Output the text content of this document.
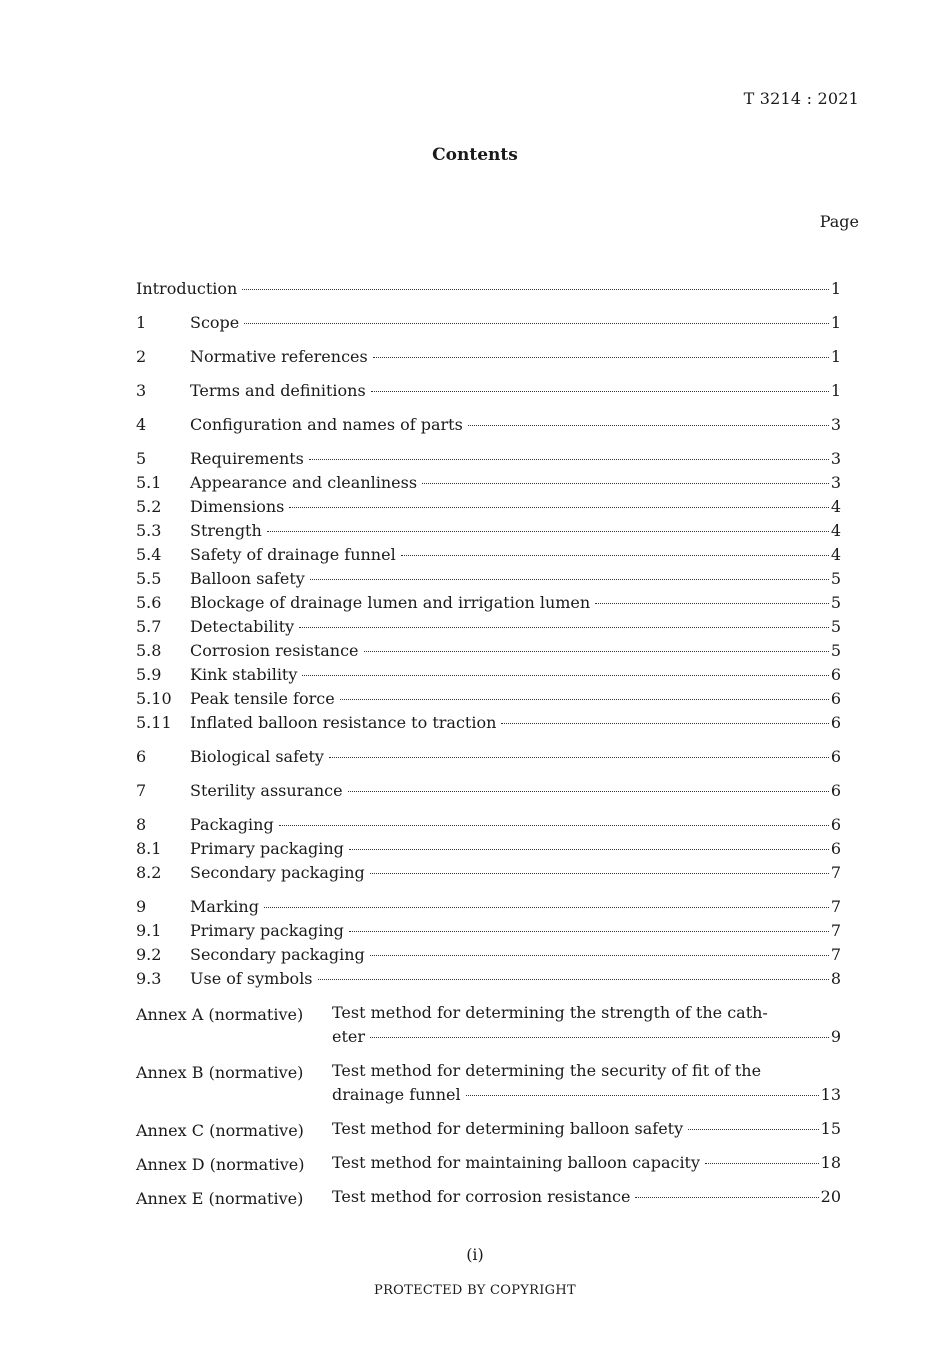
T 3214 : 2021
Contents
Page
Introduction	1
1	Scope	1
2	Normative references	1
3	Terms and definitions	1
4	Configuration and names of parts	3
5	Requirements	3
5.1	Appearance and cleanliness	3
5.2	Dimensions	4
5.3	Strength	4
5.4	Safety of drainage funnel	4
5.5	Balloon safety	5
5.6	Blockage of drainage lumen and irrigation lumen	5
5.7	Detectability	5
5.8	Corrosion resistance	5
5.9	Kink stability	6
5.10	Peak tensile force	6
5.11	Inflated balloon resistance to traction	6
6	Biological safety	6
7	Sterility assurance	6
8	Packaging	6
8.1	Primary packaging	6
8.2	Secondary packaging	7
9	Marking	7
9.1	Primary packaging	7
9.2	Secondary packaging	7
9.3	Use of symbols	8
Annex A (normative)	Test method for determining the strength of the cath-
eter	9
Annex B (normative)	Test method for determining the security of fit of the
drainage funnel	13
Annex C (normative)	Test method for determining balloon safety	15
Annex D (normative)	Test method for maintaining balloon capacity	18
Annex E (normative)	Test method for corrosion resistance	20
(i)
PROTECTED BY COPYRIGHT
